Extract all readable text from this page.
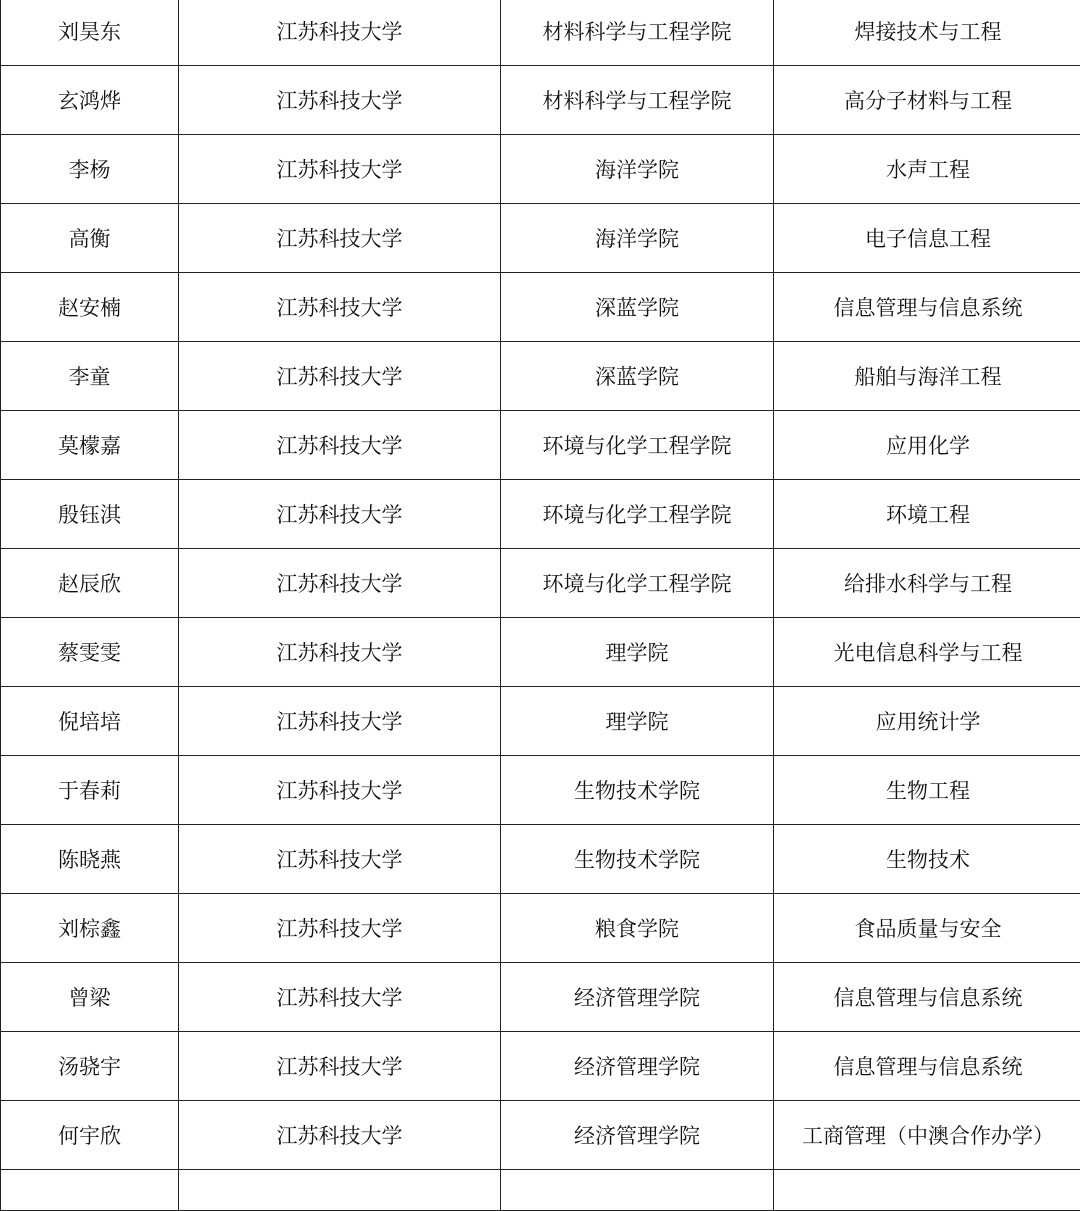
刘昊东	江苏科技大学	材料科学与工程学院	焊接技术与工程
玄鸿烨	江苏科技大学	材料科学与工程学院	高分子材料与工程
李杨	江苏科技大学	海洋学院	水声工程
高衡	江苏科技大学	海洋学院	电子信息工程
赵安楠	江苏科技大学	深蓝学院	信息管理与信息系统
李童	江苏科技大学	深蓝学院	船舶与海洋工程
莫檬嘉	江苏科技大学	环境与化学工程学院	应用化学
殷钰淇	江苏科技大学	环境与化学工程学院	环境工程
赵辰欣	江苏科技大学	环境与化学工程学院	给排水科学与工程
蔡雯雯	江苏科技大学	理学院	光电信息科学与工程
倪培培	江苏科技大学	理学院	应用统计学
于春莉	江苏科技大学	生物技术学院	生物工程
陈晓燕	江苏科技大学	生物技术学院	生物技术
刘棕鑫	江苏科技大学	粮食学院	食品质量与安全
曾梁	江苏科技大学	经济管理学院	信息管理与信息系统
汤骁宇	江苏科技大学	经济管理学院	信息管理与信息系统
何宇欣	江苏科技大学	经济管理学院	工商管理（中澳合作办学）
